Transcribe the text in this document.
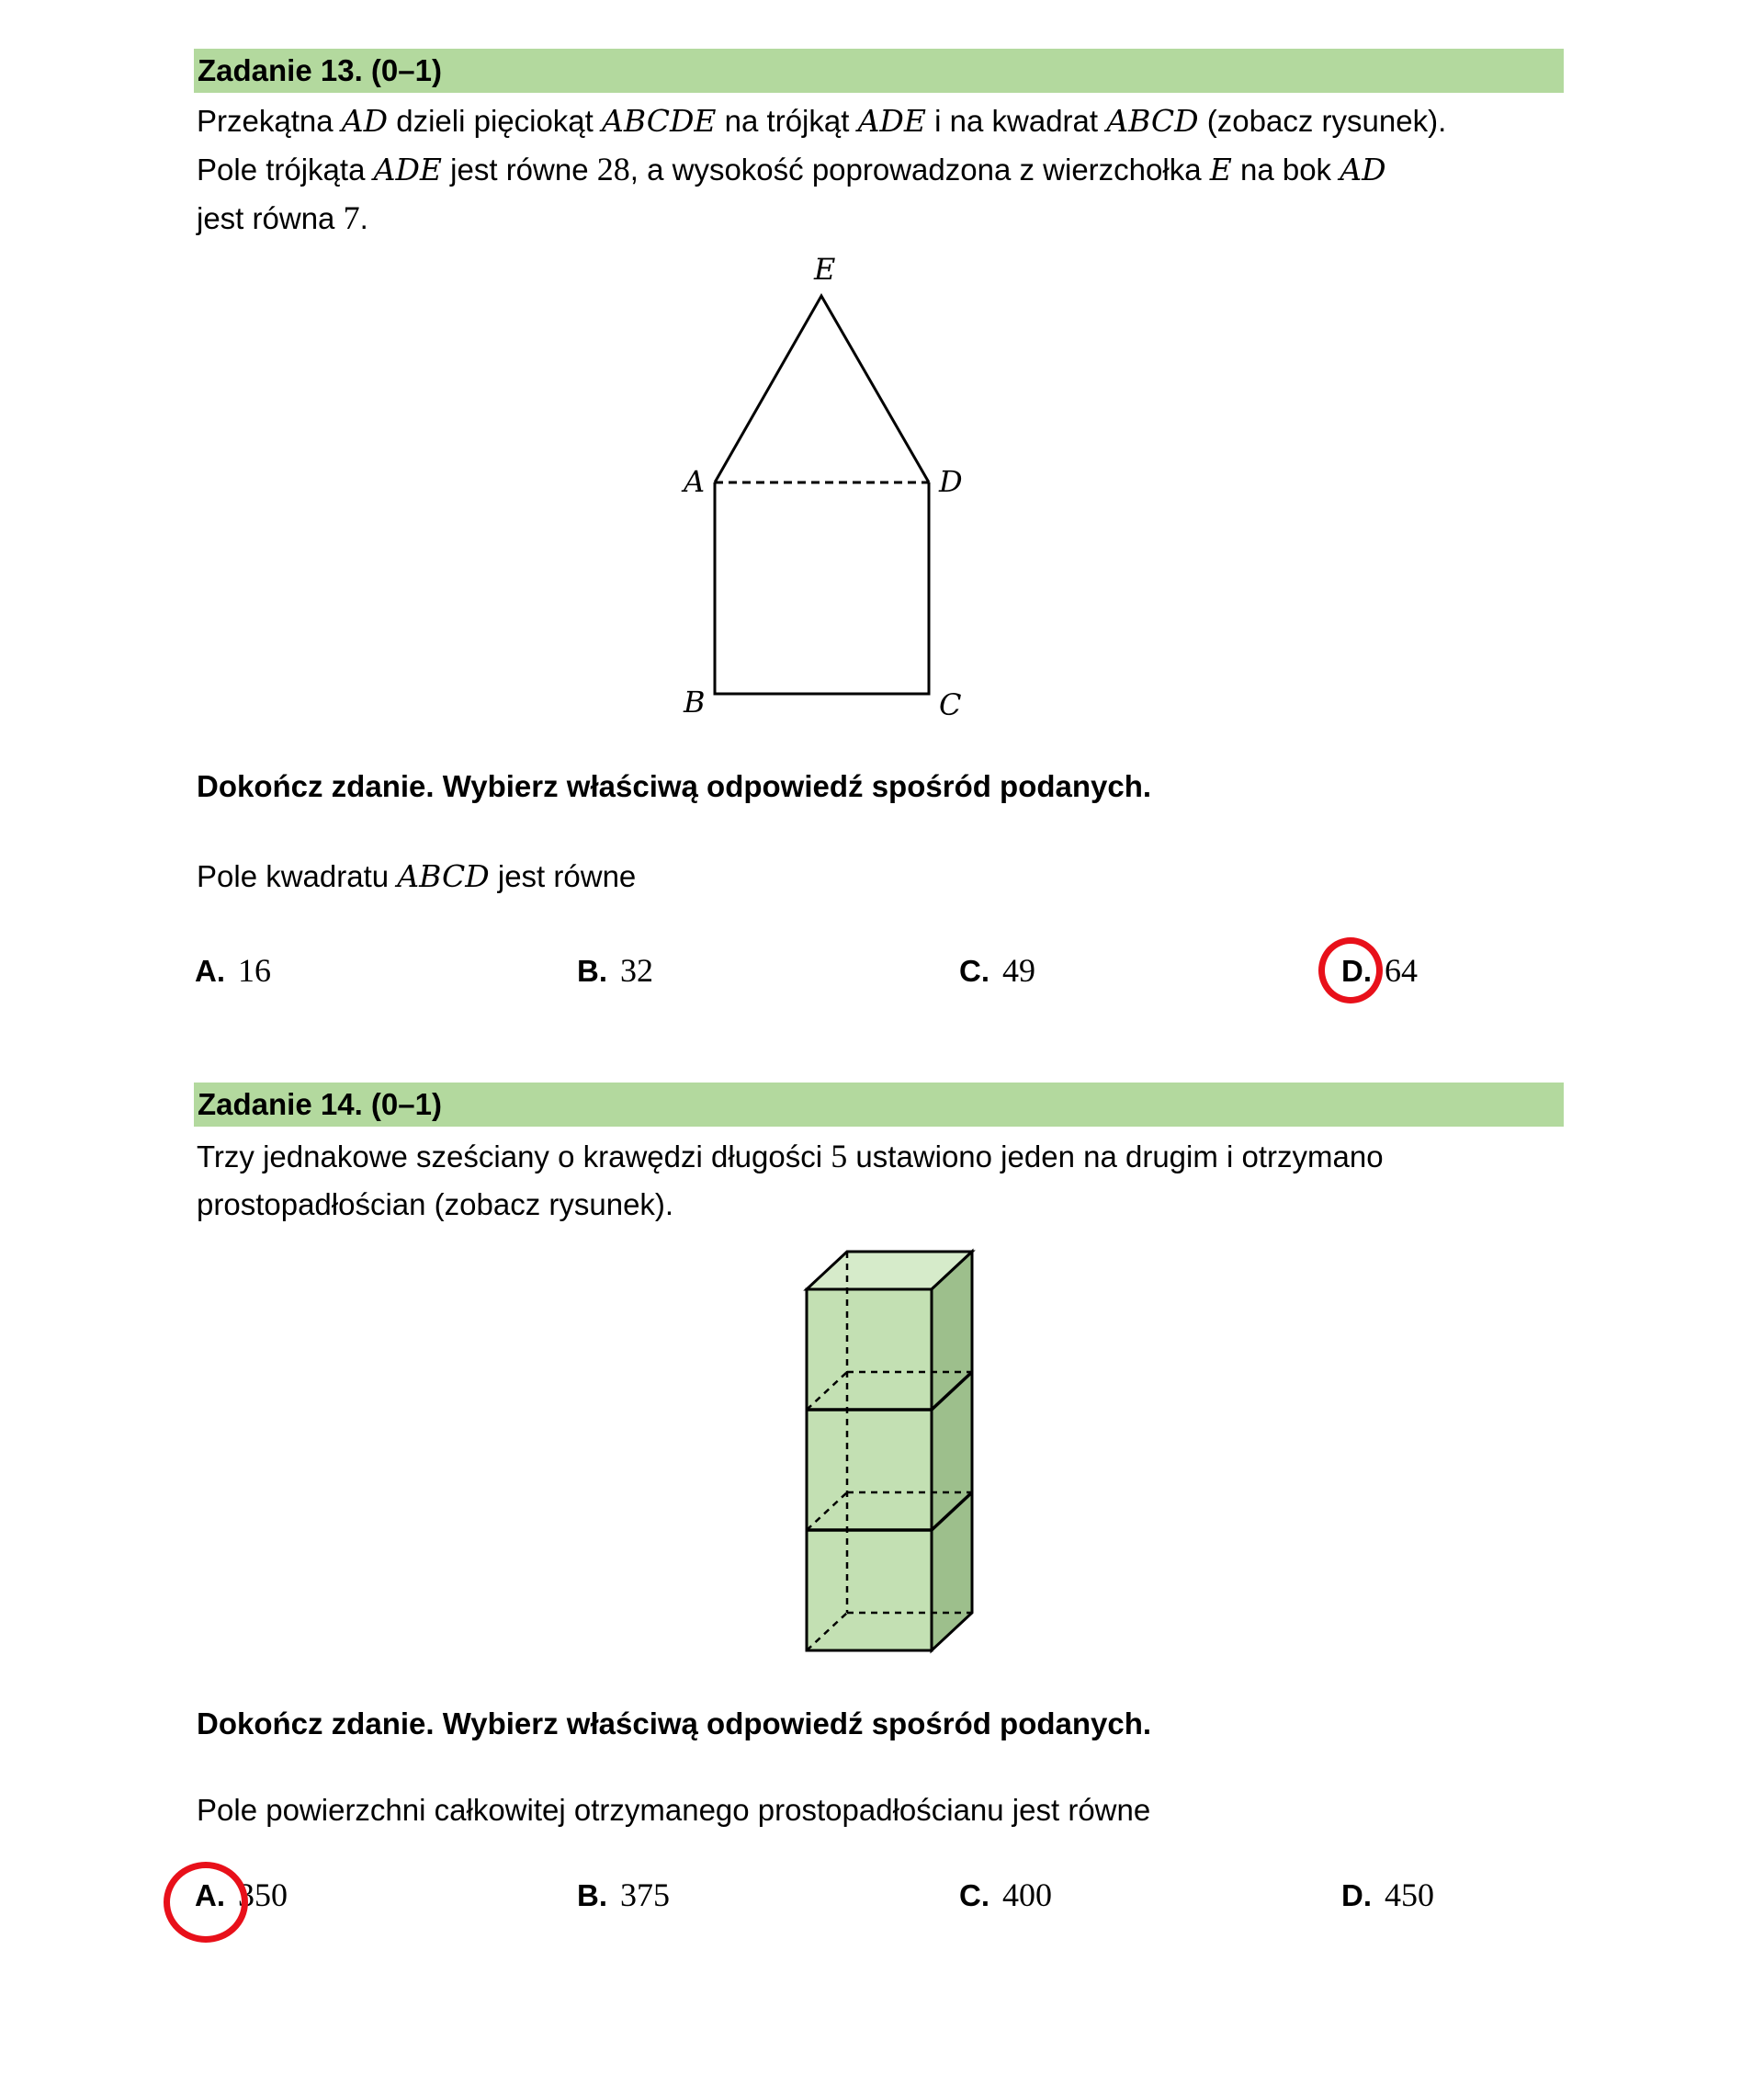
Zadanie 13. (0–1)
Przekątna AD dzieli pięciokąt ABCDE na trójkąt ADE i na kwadrat ABCD (zobacz rysunek).
Pole trójkąta ADE jest równe 28, a wysokość poprowadzona z wierzchołka E na bok AD
jest równa 7.
E
A	D
B	C
Dokończ zdanie. Wybierz właściwą odpowiedź spośród podanych.
Pole kwadratu ABCD jest równe
A. 16	B. 32	C. 49	D. 64
Zadanie 14. (0–1)
Trzy jednakowe sześciany o krawędzi długości 5 ustawiono jeden na drugim i otrzymano
prostopadłościan (zobacz rysunek).
Dokończ zdanie. Wybierz właściwą odpowiedź spośród podanych.
Pole powierzchni całkowitej otrzymanego prostopadłościanu jest równe
A. 350	B. 375	C. 400	D. 450
